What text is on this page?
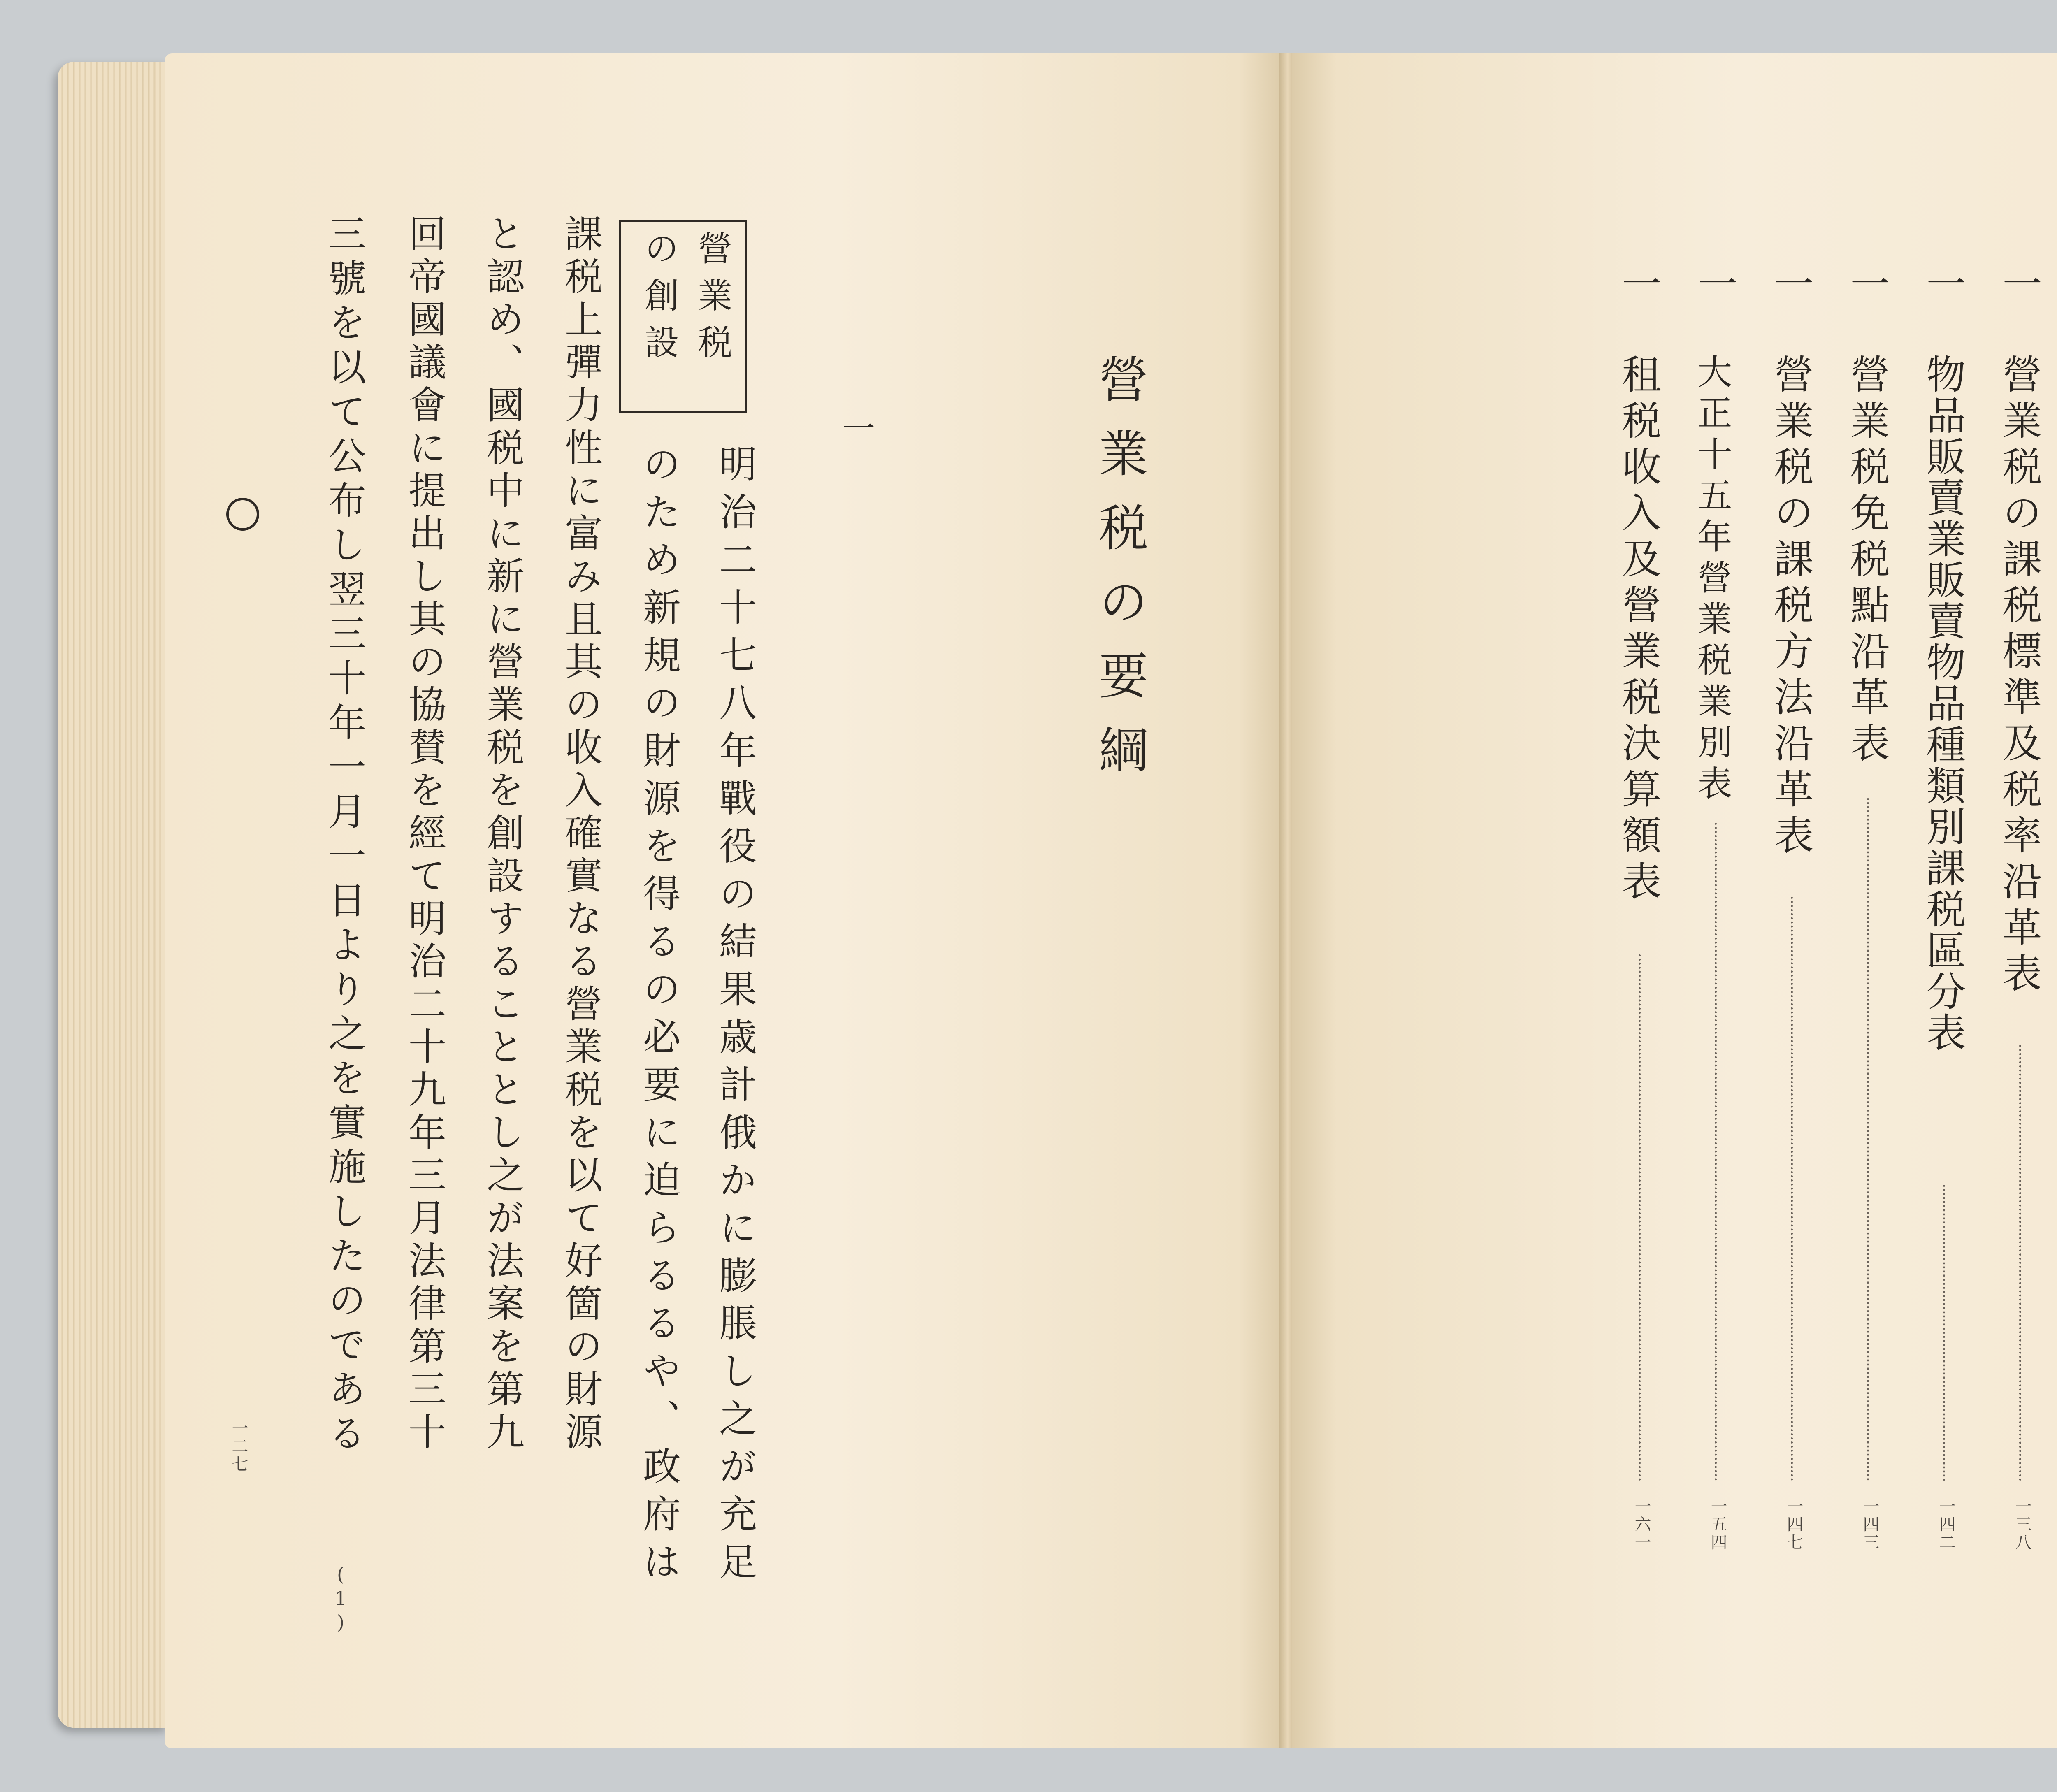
營業税
の創設
一	營業税の要綱
明治二十七八年戰役の結果歳計俄かに膨脹し之が充足
のため新規の財源を得るの必要に迫らるるや、政府は
課税上彈力性に富み且其の收入確實なる營業税を以て好箇の財源
と認め、國税中に新に營業税を創設することとし之が法案を第九
回帝國議會に提出し其の協賛を經て明治二十九年三月法律第三十
三號を以て公布し翌三十年一月一日より之を實施したのである
(1)
一二七
一
營業税の課税標準及税率沿革表
一三八
一
物品販賣業販賣物品種類別課税區分表
一四二
一
營業税免税點沿革表
一四三
一
營業税の課税方法沿革表
一四七
一
大正十五年營業税業別表
一五四
一
租税收入及營業税決算額表
一六一
